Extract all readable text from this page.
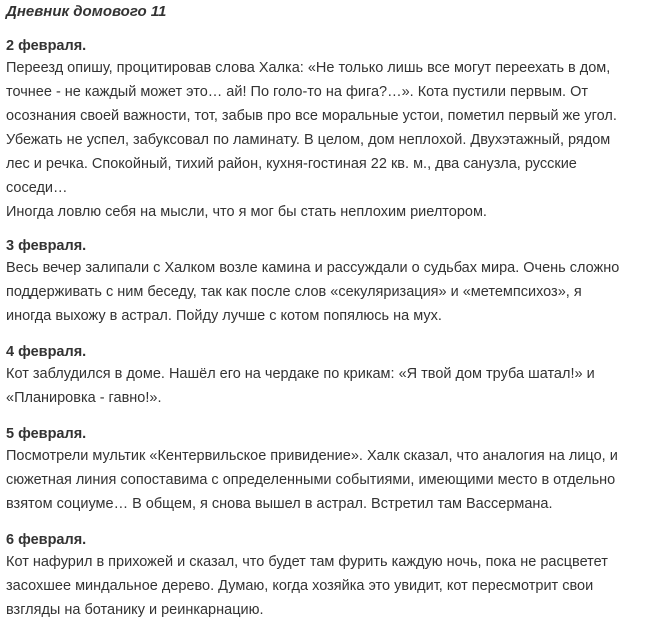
Дневник домового 11
2 февраля.
Переезд опишу, процитировав слова Халка: «Не только лишь все могут переехать в дом,
точнее - не каждый может это… ай! По голо-то на фига?…». Кота пустили первым. От
осознания своей важности, тот, забыв про все моральные устои, пометил первый же угол.
Убежать не успел, забуксовал по ламинату. В целом, дом неплохой. Двухэтажный, рядом
лес и речка. Спокойный, тихий район, кухня-гостиная 22 кв. м., два санузла, русские
соседи…
Иногда ловлю себя на мысли, что я мог бы стать неплохим риелтором.
3 февраля.
Весь вечер залипали с Халком возле камина и рассуждали о судьбах мира. Очень сложно
поддерживать с ним беседу, так как после слов «секуляризация» и «метемпсихоз», я
иногда выхожу в астрал. Пойду лучше с котом попялюсь на мух.
4 февраля.
Кот заблудился в доме. Нашёл его на чердаке по крикам: «Я твой дом труба шатал!» и
«Планировка - гавно!».
5 февраля.
Посмотрели мультик «Кентервильское привидение». Халк сказал, что аналогия на лицо, и
сюжетная линия сопоставима с определенными событиями, имеющими место в отдельно
взятом социуме… В общем, я снова вышел в астрал. Встретил там Вассермана.
6 февраля.
Кот нафурил в прихожей и сказал, что будет там фурить каждую ночь, пока не расцветет
засохшее миндальное дерево. Думаю, когда хозяйка это увидит, кот пересмотрит свои
взгляды на ботанику и реинкарнацию.
